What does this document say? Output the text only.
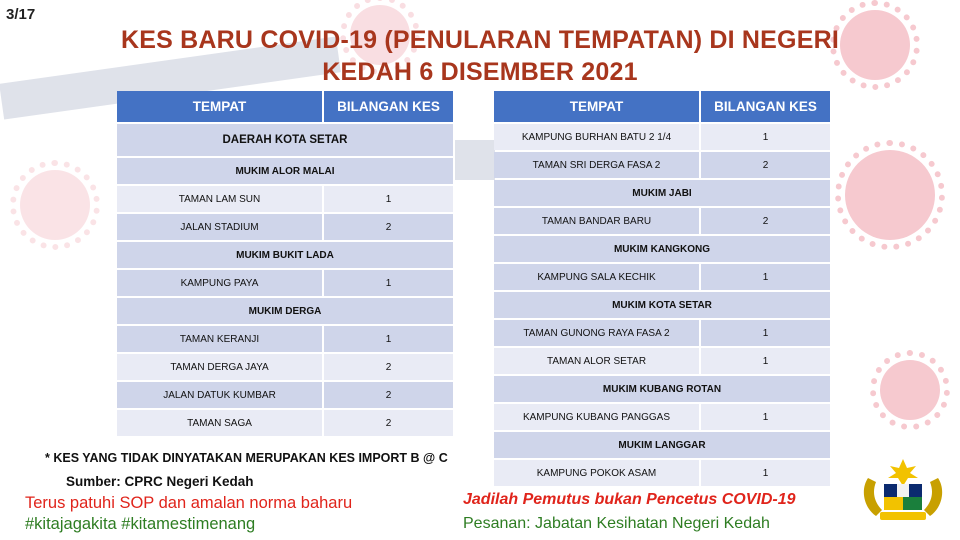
3/17
KES BARU COVID-19 (PENULARAN TEMPATAN) DI NEGERI
KEDAH 6 DISEMBER 2021
TEMPAT	BILANGAN KES
DAERAH KOTA SETAR	
MUKIM ALOR MALAI	
TAMAN LAM SUN	1
JALAN STADIUM	2
MUKIM BUKIT LADA	
KAMPUNG PAYA	1
MUKIM DERGA	
TAMAN KERANJI	1
TAMAN DERGA JAYA	2
JALAN DATUK KUMBAR	2
TAMAN SAGA	2
TEMPAT	BILANGAN KES
KAMPUNG BURHAN BATU 2 1/4	1
TAMAN SRI DERGA FASA 2	2
MUKIM JABI	
TAMAN BANDAR BARU	2
MUKIM KANGKONG	
KAMPUNG SALA KECHIK	1
MUKIM KOTA SETAR	
TAMAN GUNONG RAYA FASA 2	1
TAMAN ALOR SETAR	1
MUKIM KUBANG ROTAN	
KAMPUNG KUBANG PANGGAS	1
MUKIM LANGGAR	
KAMPUNG POKOK ASAM	1
* KES YANG TIDAK DINYATAKAN MERUPAKAN KES IMPORT B @ C
Sumber: CPRC Negeri Kedah
Terus patuhi SOP dan amalan norma baharu
#kitajagakita #kitamestimenang
Jadilah Pemutus bukan Pencetus COVID-19
Pesanan: Jabatan Kesihatan Negeri Kedah
